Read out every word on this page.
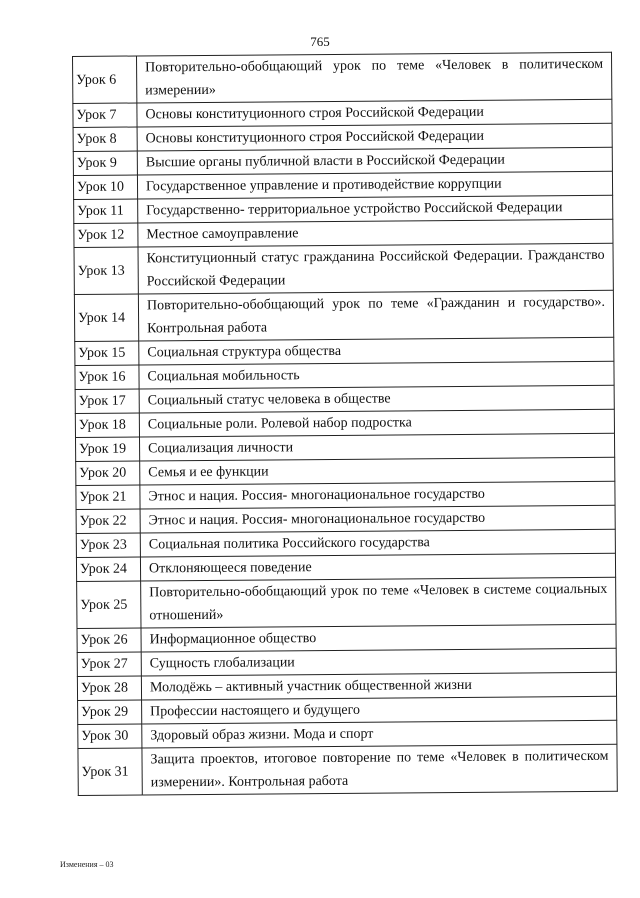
765
Урок 6	Повторительно-обобщающий урок по теме «Человек в политическом измерении»
Урок 7	Основы конституционного строя Российской Федерации
Урок 8	Основы конституционного строя Российской Федерации
Урок 9	Высшие органы публичной власти в Российской Федерации
Урок 10	Государственное управление и противодействие коррупции
Урок 11	Государственно- территориальное устройство Российской Федерации
Урок 12	Местное самоуправление
Урок 13	Конституционный статус гражданина Российской Федерации. Гражданство Российской Федерации
Урок 14	Повторительно-обобщающий урок по теме «Гражданин и государство». Контрольная работа
Урок 15	Социальная структура общества
Урок 16	Социальная мобильность
Урок 17	Социальный статус человека в обществе
Урок 18	Социальные роли. Ролевой набор подростка
Урок 19	Социализация личности
Урок 20	Семья и ее функции
Урок 21	Этнос и нация. Россия- многонациональное государство
Урок 22	Этнос и нация. Россия- многонациональное государство
Урок 23	Социальная политика Российского государства
Урок 24	Отклоняющееся поведение
Урок 25	Повторительно-обобщающий урок по теме «Человек в системе социальных отношений»
Урок 26	Информационное общество
Урок 27	Сущность глобализации
Урок 28	Молодёжь – активный участник общественной жизни
Урок 29	Профессии настоящего и будущего
Урок 30	Здоровый образ жизни. Мода и спорт
Урок 31	Защита проектов, итоговое повторение по теме «Человек в политическом измерении». Контрольная работа
Изменения – 03
